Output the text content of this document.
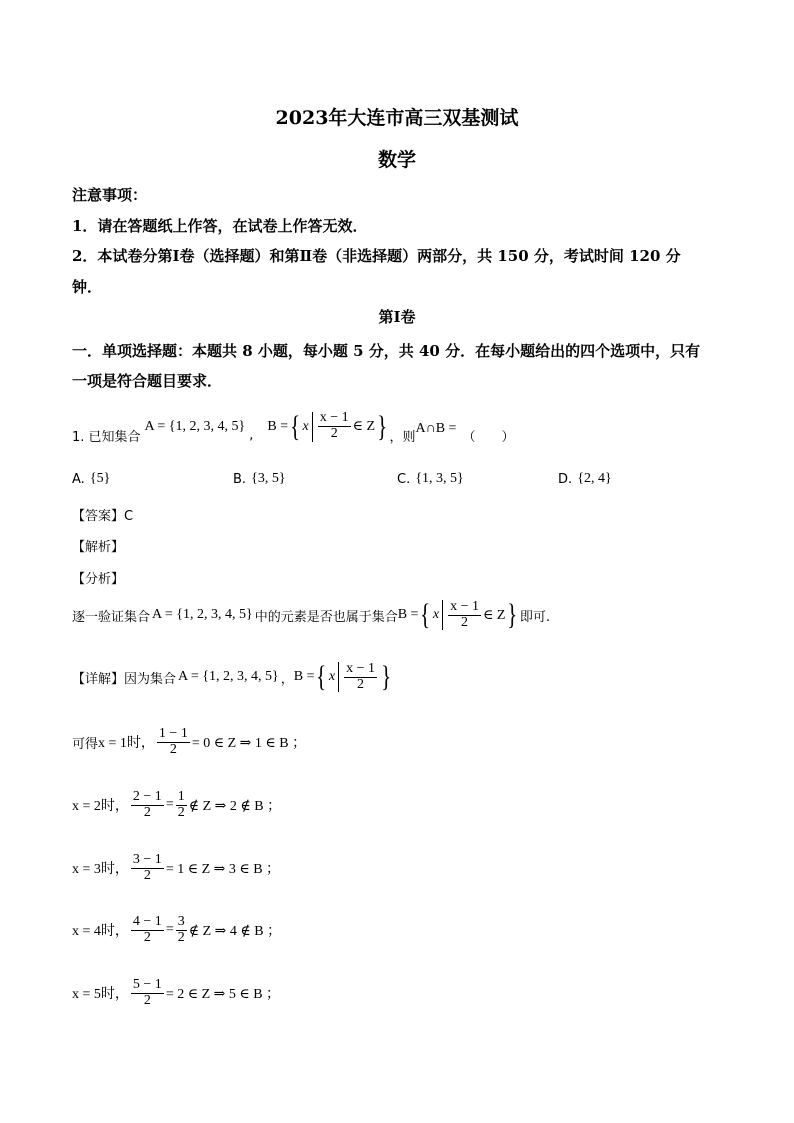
2023年大连市高三双基测试
数学
注意事项：
1．请在答题纸上作答，在试卷上作答无效．
2．本试卷分第Ⅰ卷（选择题）和第Ⅱ卷（非选择题）两部分，共 150 分，考试时间 120 分
钟．
第Ⅰ卷
一．单项选择题：本题共 8 小题，每小题 5 分，共 40 分．在每小题给出的四个选项中，只有
一项是符合题目要求．
1. 已知集合
A = {1, 2, 3, 4, 5}
,
B = { x $\frac{x - 1}{2}$ ∈ Z } ，则
A∩B =
（　　）
A. {5}	B. {3, 5}	C. {1, 3, 5}	D. {2, 4}
【答案】C
【解析】
【分析】
逐一验证集合 A = {1, 2, 3, 4, 5} 中的元素是否也属于集合 B = { x $\frac{x - 1}{2}$ ∈ Z } 即可.
【详解】 因为集合 A = {1, 2, 3, 4, 5} ， B = { x $\frac{x - 1}{2}$ }
可得 x = 1时， $\frac{1 - 1}{2} = 0$ ∈ Z ⇒ 1 ∈ B ；
x = 2时， $\frac{2 - 1}{2} = \frac{1}{2}$ ∉ Z ⇒ 2 ∉ B ；
x = 3时， $\frac{3 - 1}{2} = 1$ ∈ Z ⇒ 3 ∈ B ；
x = 4时， $\frac{4 - 1}{2} = \frac{3}{2}$ ∉ Z ⇒ 4 ∉ B ；
x = 5时， $\frac{5 - 1}{2} = 2$ ∈ Z ⇒ 5 ∈ B ；
